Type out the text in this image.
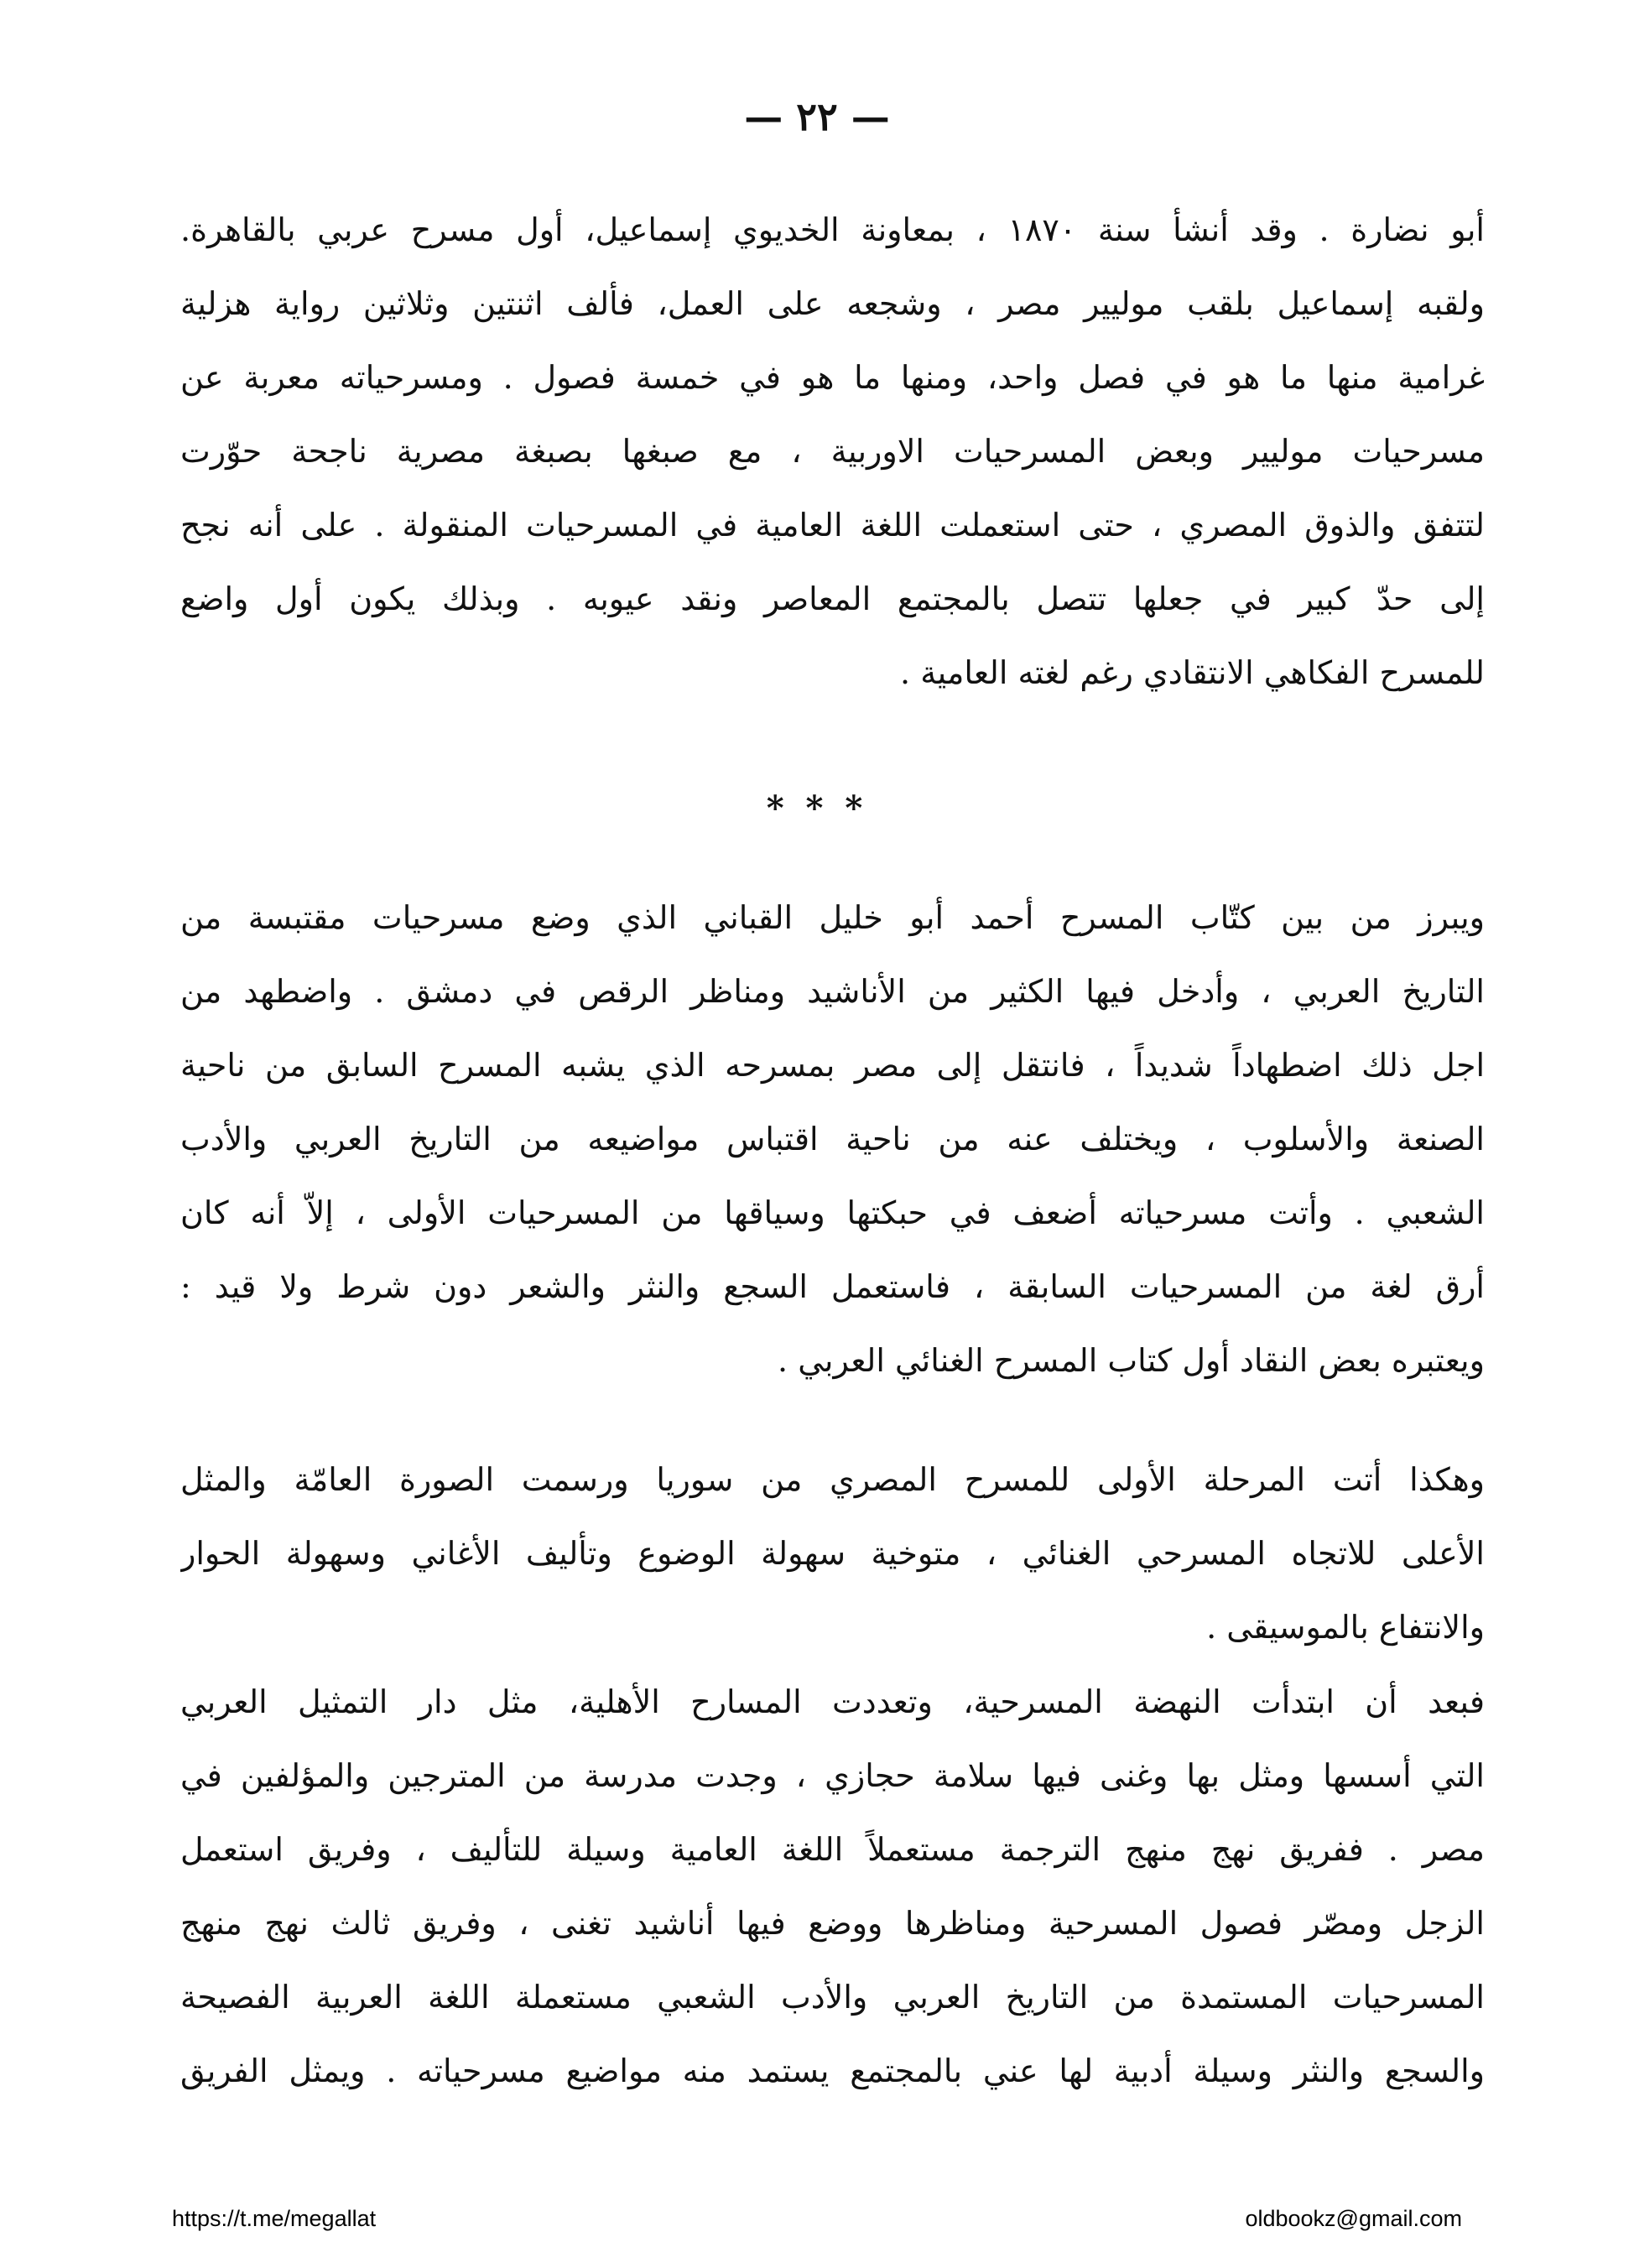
— ٢٢ —
أبو نضارة . وقد أنشأ سنة ١٨٧٠ ، بمعاونة الخديوي إسماعيل، أول مسرح عربي بالقاهرة.
ولقبه إسماعيل بلقب موليير مصر ، وشجعه على العمل، فألف اثنتين وثلاثين رواية هزلية
غرامية منها ما هو في فصل واحد، ومنها ما هو في خمسة فصول . ومسرحياته معربة عن
مسرحيات موليير وبعض المسرحيات الاوربية ، مع صبغها بصبغة مصرية ناجحة حوّرت
لتتفق والذوق المصري ، حتى استعملت اللغة العامية في المسرحيات المنقولة . على أنه نجح
إلى حدّ كبير في جعلها تتصل بالمجتمع المعاصر ونقد عيوبه . وبذلك يكون أول واضع
للمسرح الفكاهي الانتقادي رغم لغته العامية .
* * *
ويبرز من بين كتّاب المسرح أحمد أبو خليل القباني الذي وضع مسرحيات مقتبسة من
التاريخ العربي ، وأدخل فيها الكثير من الأناشيد ومناظر الرقص في دمشق . واضطهد من
اجل ذلك اضطهاداً شديداً ، فانتقل إلى مصر بمسرحه الذي يشبه المسرح السابق من ناحية
الصنعة والأسلوب ، ويختلف عنه من ناحية اقتباس مواضيعه من التاريخ العربي والأدب
الشعبي . وأتت مسرحياته أضعف في حبكتها وسياقها من المسرحيات الأولى ، إلاّ أنه كان
أرق لغة من المسرحيات السابقة ، فاستعمل السجع والنثر والشعر دون شرط ولا قيد :
ويعتبره بعض النقاد أول كتاب المسرح الغنائي العربي .
وهكذا أتت المرحلة الأولى للمسرح المصري من سوريا ورسمت الصورة العامّة والمثل
الأعلى للاتجاه المسرحي الغنائي ، متوخية سهولة الوضوع وتأليف الأغاني وسهولة الحوار
والانتفاع بالموسيقى .
فبعد أن ابتدأت النهضة المسرحية، وتعددت المسارح الأهلية، مثل دار التمثيل العربي
التي أسسها ومثل بها وغنى فيها سلامة حجازي ، وجدت مدرسة من المترجين والمؤلفين في
مصر . ففريق نهج منهج الترجمة مستعملاً اللغة العامية وسيلة للتأليف ، وفريق استعمل
الزجل ومصّر فصول المسرحية ومناظرها ووضع فيها أناشيد تغنى ، وفريق ثالث نهج منهج
المسرحيات المستمدة من التاريخ العربي والأدب الشعبي مستعملة اللغة العربية الفصيحة
والسجع والنثر وسيلة أدبية لها عني بالمجتمع يستمد منه مواضيع مسرحياته . ويمثل الفريق
https://t.me/megallat	oldbookz@gmail.com
